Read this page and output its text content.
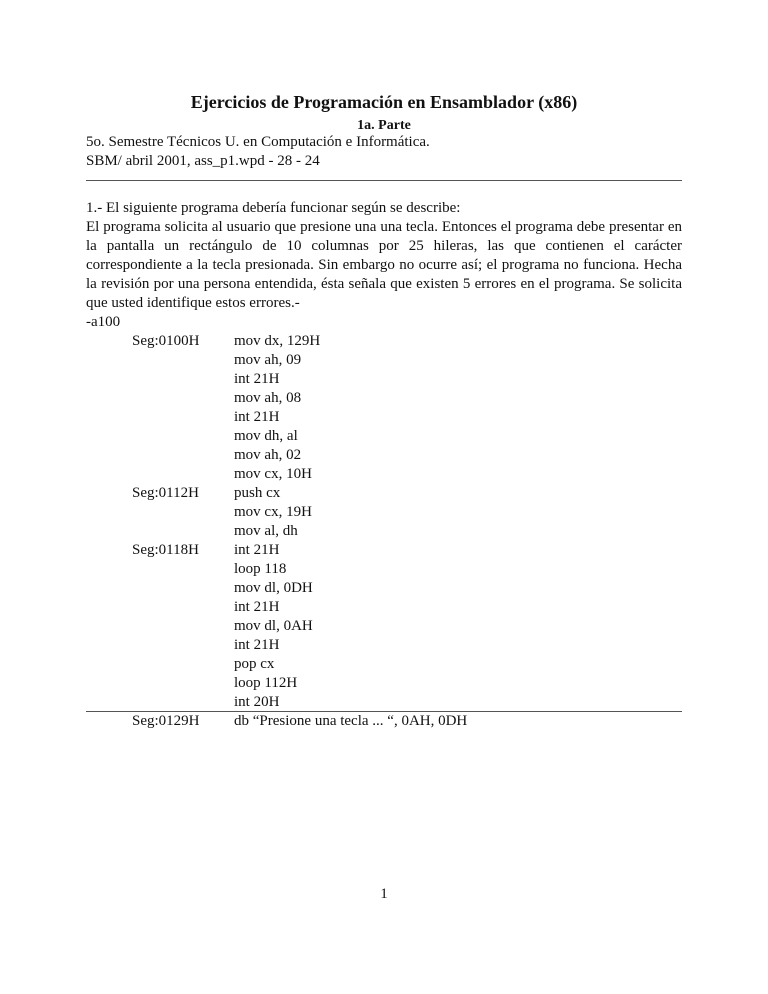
Ejercicios de Programación en Ensamblador (x86)
1a. Parte
5o. Semestre Técnicos U. en Computación e Informática.
SBM/ abril 2001, ass_p1.wpd - 28 - 24
1.- El siguiente programa debería funcionar según se describe:

El programa solicita al usuario que presione una una tecla. Entonces el programa debe presentar en la pantalla un rectángulo de 10 columnas por 25 hileras, las que contienen el carácter correspondiente a la tecla presionada. Sin embargo no ocurre así; el programa no funciona. Hecha la revisión por una persona entendida, ésta señala que existen 5 errores en el programa. Se solicita que usted identifique estos errores.-

-a100
Seg:0100H mov dx, 129H
mov ah, 09
int 21H
mov ah, 08
int 21H
mov dh, al
mov ah, 02
mov cx, 10H
Seg:0112H push cx
mov cx, 19H
mov al, dh
Seg:0118H int 21H
loop 118
mov dl, 0DH
int 21H
mov dl, 0AH
int 21H
pop cx
loop 112H
int 20H
Seg:0129H db “Presione una tecla ... “, 0AH, 0DH
1
